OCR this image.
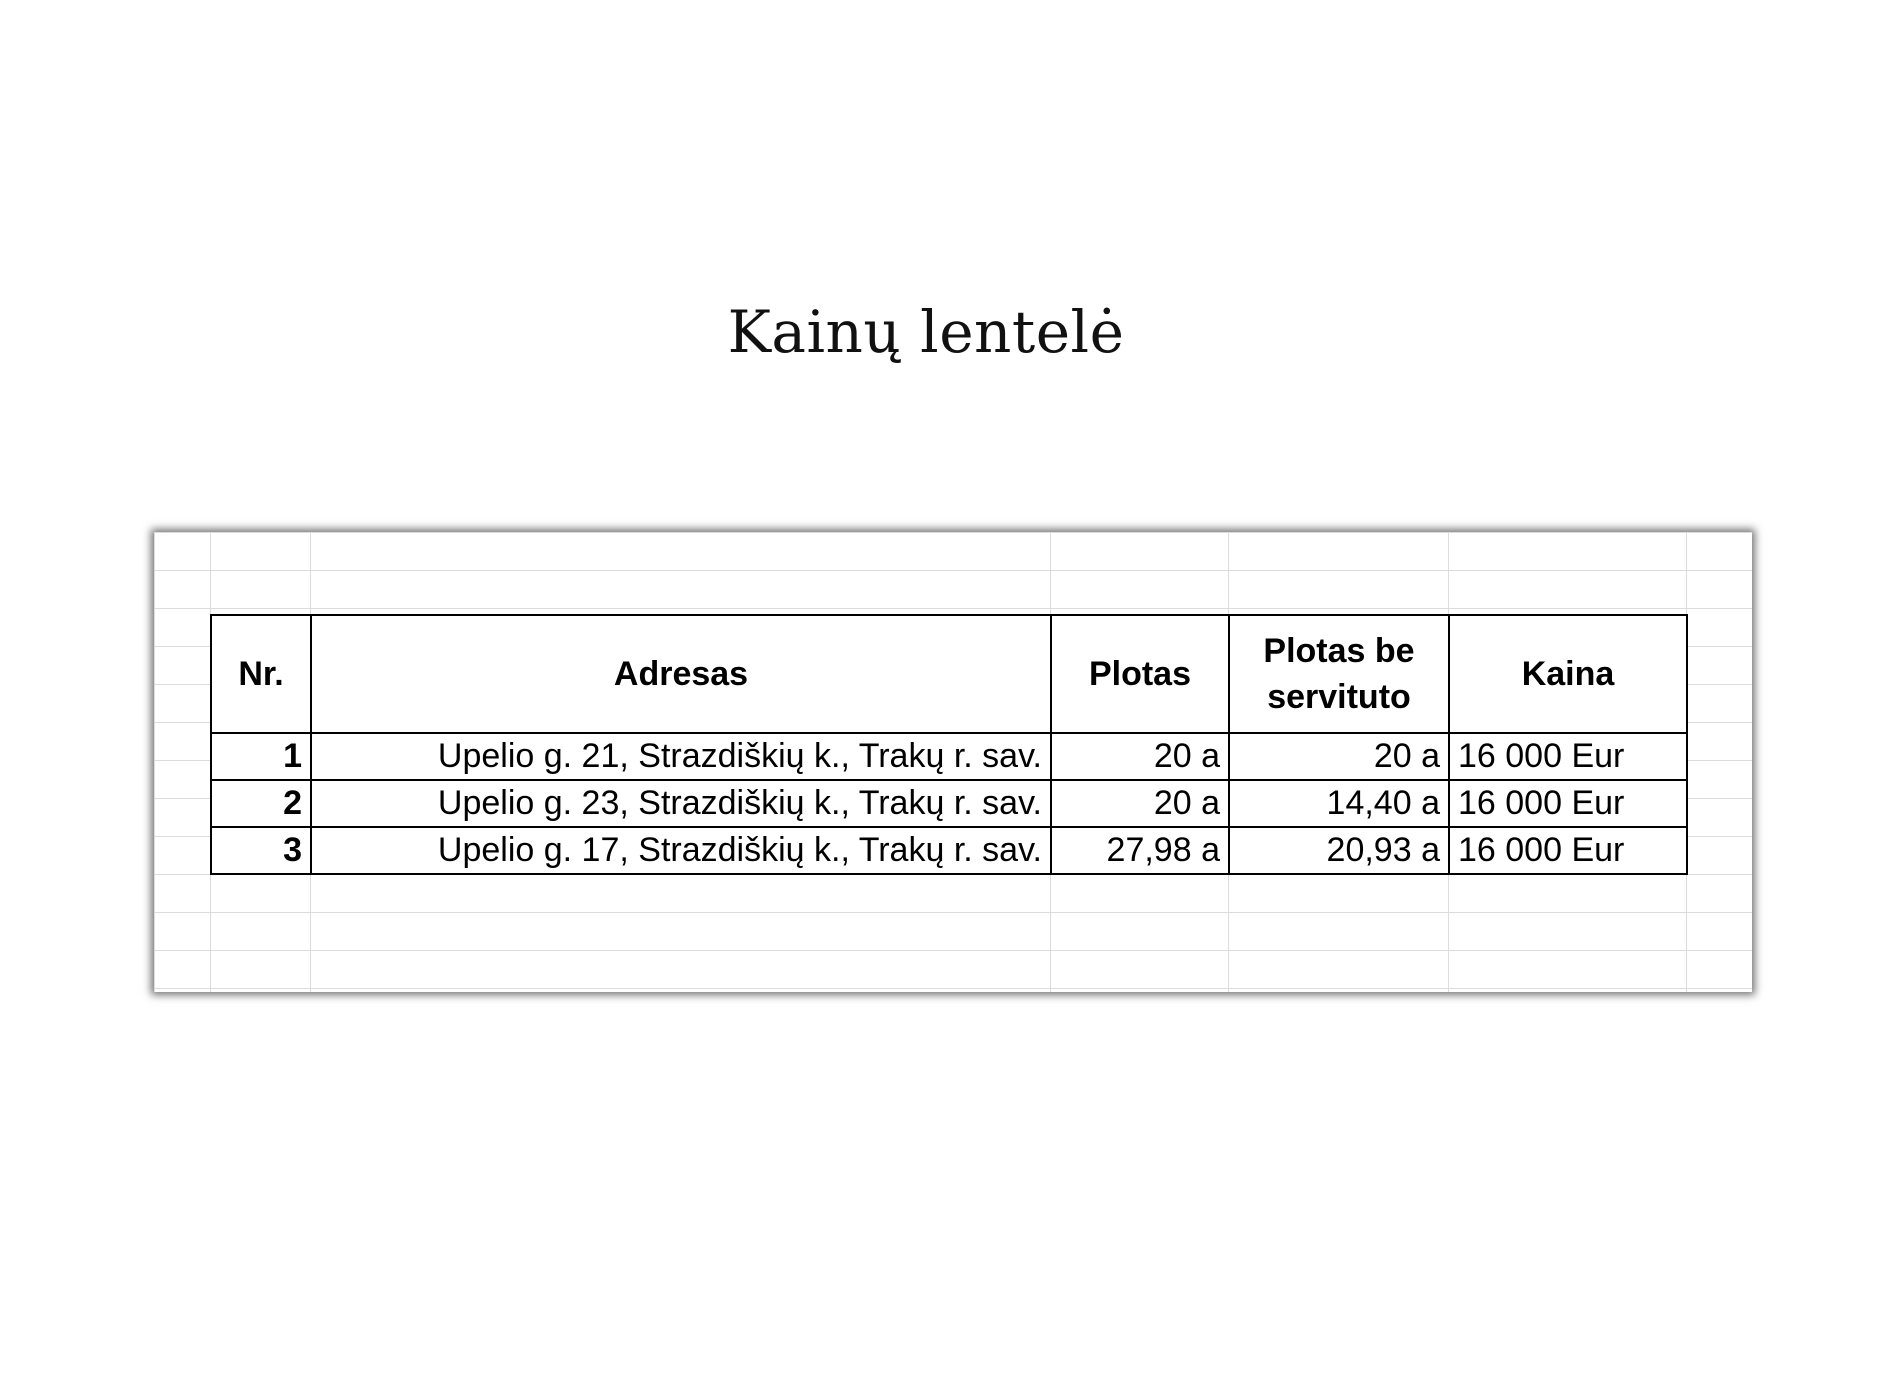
Kainų lentelė
Nr.	Adresas	Plotas	Plotas be servituto	Kaina
1	Upelio g. 21, Strazdiškių k., Trakų r. sav.	20 a	20 a	16 000 Eur
2	Upelio g. 23, Strazdiškių k., Trakų r. sav.	20 a	14,40 a	16 000 Eur
3	Upelio g. 17, Strazdiškių k., Trakų r. sav.	27,98 a	20,93 a	16 000 Eur
